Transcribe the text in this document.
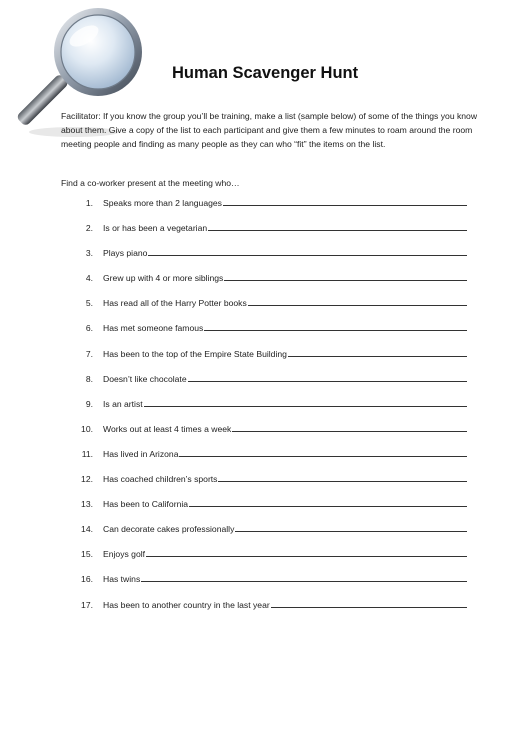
Human Scavenger Hunt
Facilitator: If you know the group you’ll be training, make a list (sample below) of some of the things you know about them. Give a copy of the list to each participant and give them a few minutes to roam around the room meeting people and finding as many people as they can who “fit” the items on the list.
Find a co-worker present at the meeting who…
1.	Speaks more than 2 languages
2.	Is or has been a vegetarian
3.	Plays piano
4.	Grew up with 4 or more siblings
5.	Has read all of the Harry Potter books
6.	Has met someone famous
7.	Has been to the top of the Empire State Building
8.	Doesn’t like chocolate
9.	Is an artist
10.	Works out at least 4 times a week
11.	Has lived in Arizona
12.	Has coached children’s sports
13.	Has been to California
14.	Can decorate cakes professionally
15.	Enjoys golf
16.	Has twins
17.	Has been to another country in the last year
